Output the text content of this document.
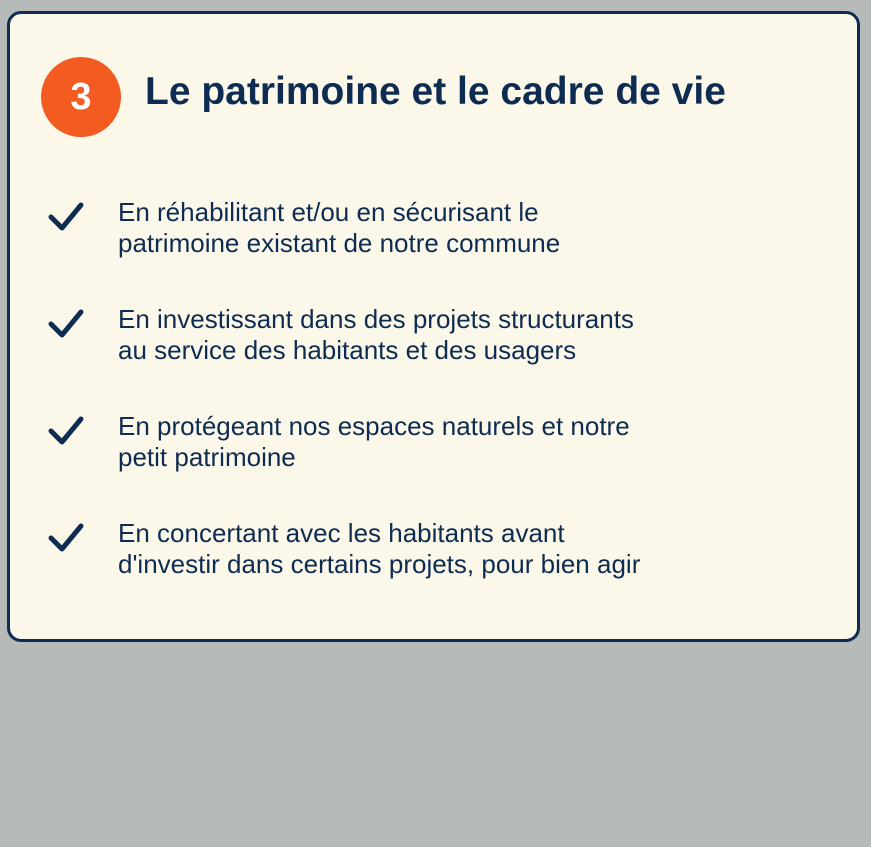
3	Le patrimoine et le cadre de vie

En réhabilitant et/ou en sécurisant le
patrimoine existant de notre commune

En investissant dans des projets structurants
au service des habitants et des usagers

En protégeant nos espaces naturels et notre
petit patrimoine

En concertant avec les habitants avant
d'investir dans certains projets, pour bien agir
